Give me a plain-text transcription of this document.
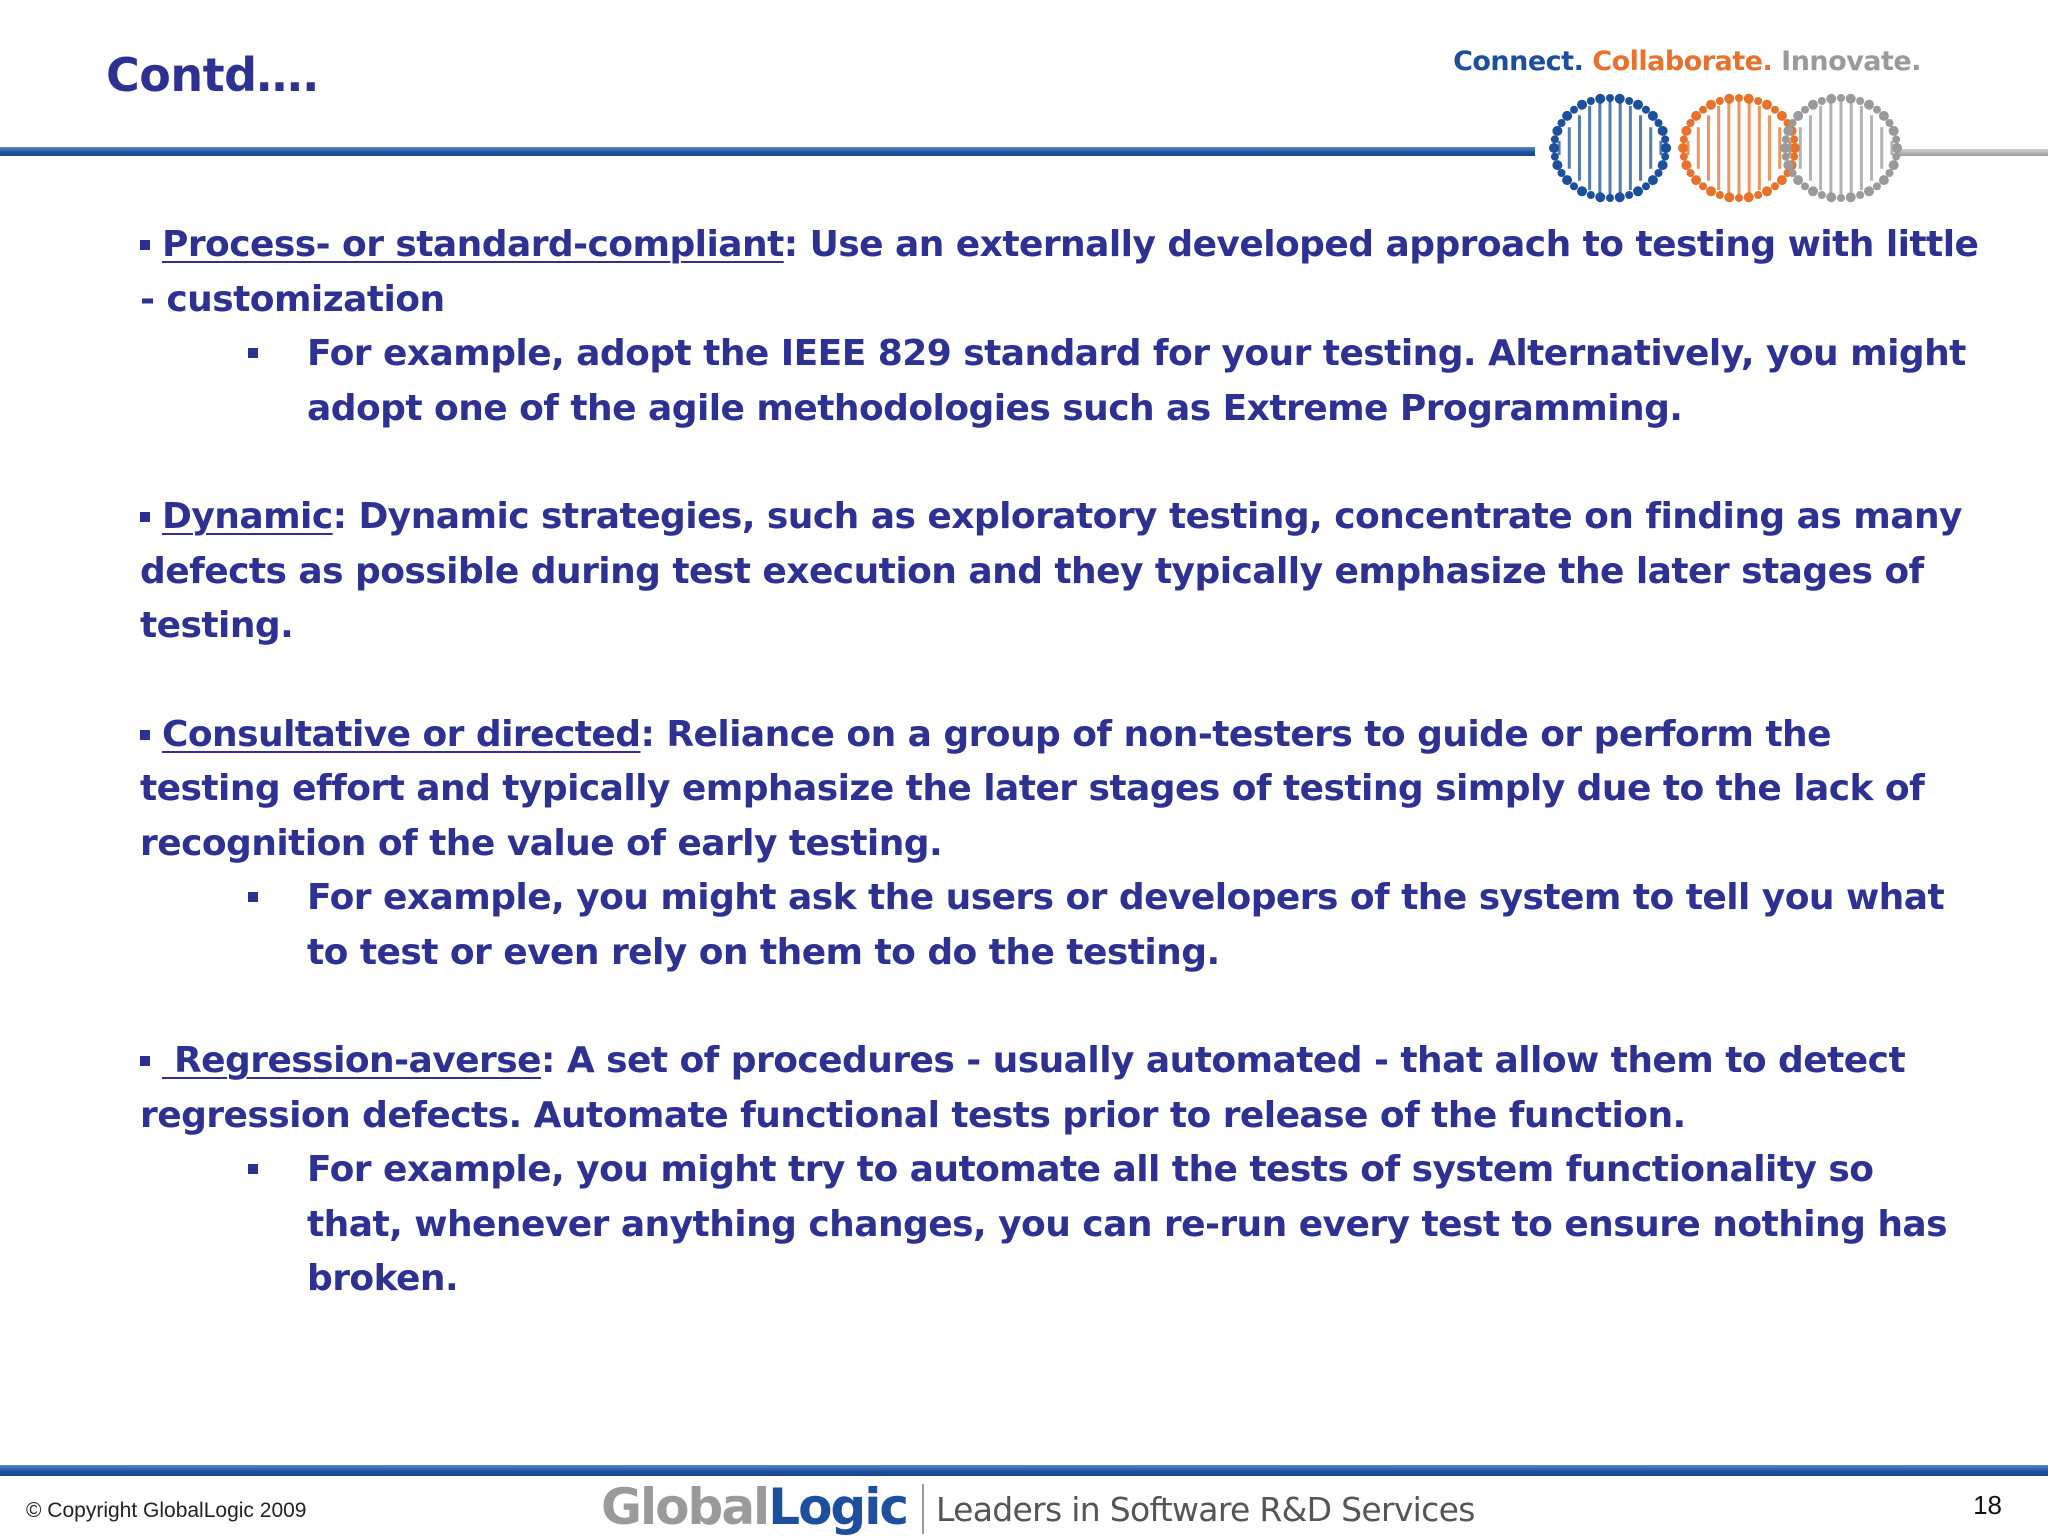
Contd….	Connect. Collaborate. Innovate.

Process- or standard-compliant: Use an externally developed approach to testing with little - customization

For example, adopt the IEEE 829 standard for your testing. Alternatively, you might adopt one of the agile methodologies such as Extreme Programming.

Dynamic: Dynamic strategies, such as exploratory testing, concentrate on finding as many defects as possible during test execution and they typically emphasize the later stages of testing.

Consultative or directed: Reliance on a group of non-testers to guide or perform the testing effort and typically emphasize the later stages of testing simply due to the lack of recognition of the value of early testing.

For example, you might ask the users or developers of the system to tell you what to test or even rely on them to do the testing.

Regression-averse: A set of procedures - usually automated - that allow them to detect regression defects. Automate functional tests prior to release of the function.

For example, you might try to automate all the tests of system functionality so that, whenever anything changes, you can re-run every test to ensure nothing has broken.

© Copyright GlobalLogic 2009	GlobalLogic Leaders in Software R&D Services	18
